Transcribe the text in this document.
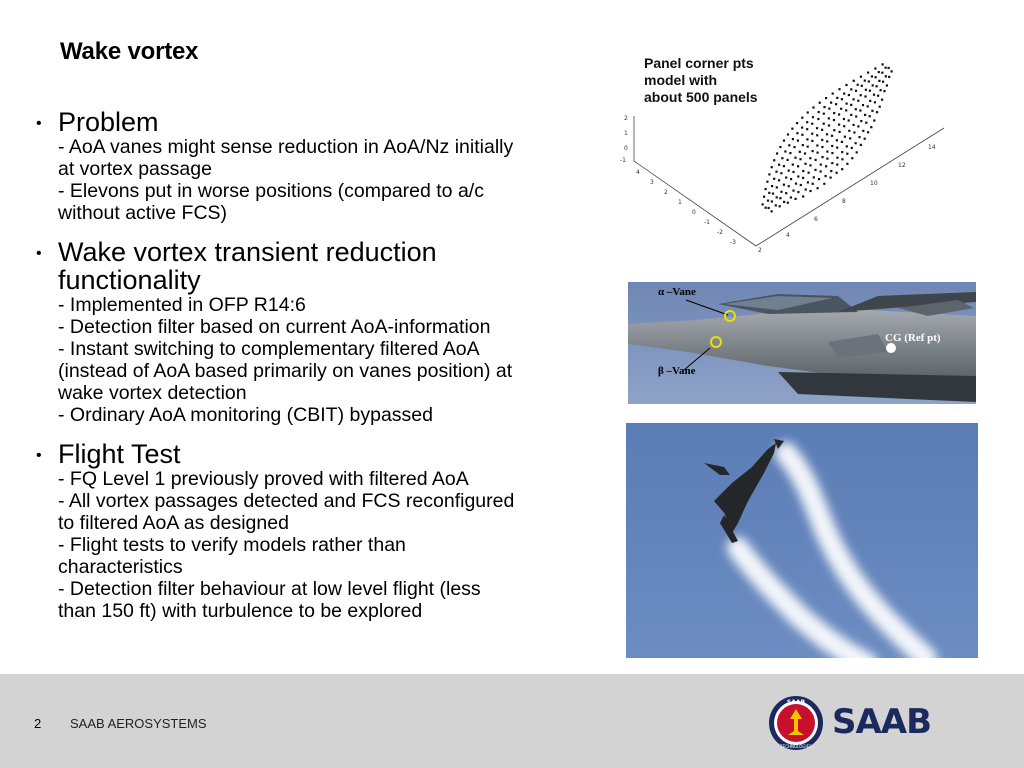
Wake vortex
• Problem
- AoA vanes might sense reduction in AoA/Nz initially
at vortex passage
- Elevons put in worse positions (compared to a/c
without active FCS)
• Wake vortex transient reduction
functionality
- Implemented in OFP R14:6
- Detection filter based on current AoA-information
- Instant switching to complementary filtered AoA
(instead of AoA based primarily on vanes position) at
wake vortex detection
- Ordinary AoA monitoring (CBIT) bypassed
• Flight Test
- FQ Level 1 previously proved with filtered AoA
- All vortex passages detected and FCS reconfigured
to filtered AoA as designed
- Flight tests to verify models rather than
characteristics
- Detection filter behaviour at low level flight (less
than 150 ft) with turbulence to be explored
2
1
0
-1
4
3
2
1
0
-1
-2
-3
14
12
10
8
6
4
2
Panel corner pts
model with
about 500 panels
α –Vane
β –Vane
CG (Ref pt)
2 SAAB AEROSYSTEMS
SAAB
TECHNOLOGIES
SAAB
